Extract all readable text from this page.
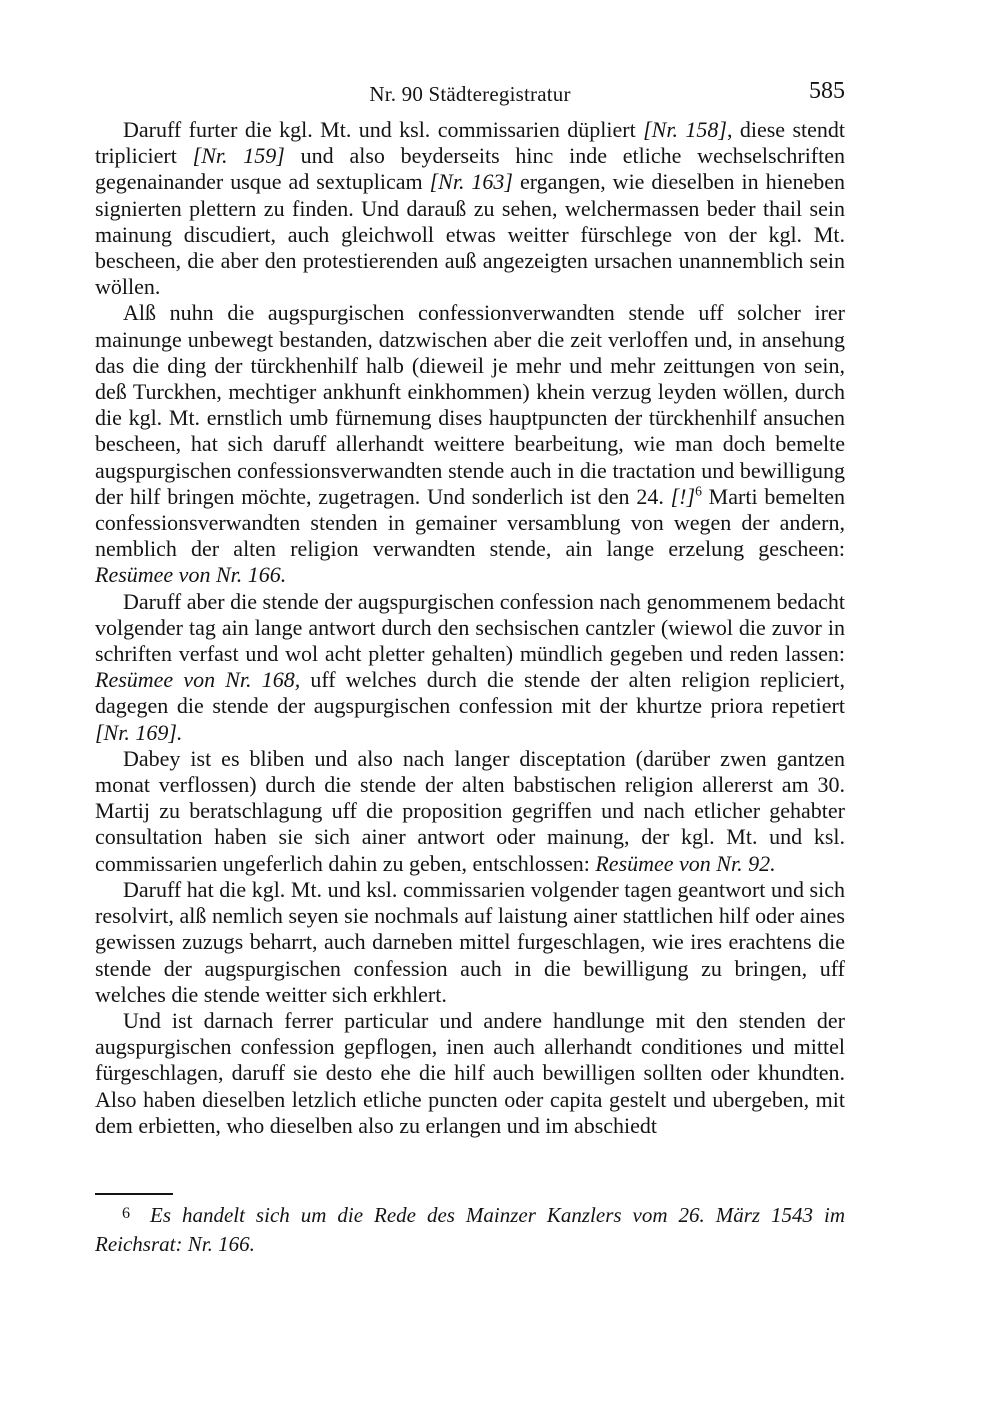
Nr. 90 Städteregistratur	585

Daruff furter die kgl. Mt. und ksl. commissarien düpliert [Nr. 158], diese stendt tripliciert [Nr. 159] und also beyderseits hinc inde etliche wechselschriften gegenainander usque ad sextuplicam [Nr. 163] ergangen, wie dieselben in hieneben signierten plettern zu finden. Und darauß zu sehen, welchermassen beder thail sein mainung discudiert, auch gleichwoll etwas weitter fürschlege von der kgl. Mt. bescheen, die aber den protestierenden auß angezeigten ursachen unannemblich sein wöllen.

Alß nuhn die augspurgischen confessionverwandten stende uff solcher irer mainunge unbewegt bestanden, datzwischen aber die zeit verloffen und, in ansehung das die ding der türckhenhilf halb (dieweil je mehr und mehr zeittungen von sein, deß Turckhen, mechtiger ankhunft einkhommen) khein verzug leyden wöllen, durch die kgl. Mt. ernstlich umb fürnemung dises hauptpuncten der türckhenhilf ansuchen bescheen, hat sich daruff allerhandt weittere bearbeitung, wie man doch bemelte augspurgischen confessionsverwandten stende auch in die tractation und bewilligung der hilf bringen möchte, zugetragen. Und sonderlich ist den 24. [!]$^6$ Marti bemelten confessionsverwandten stenden in gemainer versamblung von wegen der andern, nemblich der alten religion verwandten stende, ain lange erzelung gescheen: Resümee von Nr. 166.

Daruff aber die stende der augspurgischen confession nach genommenem bedacht volgender tag ain lange antwort durch den sechsischen cantzler (wiewol die zuvor in schriften verfast und wol acht pletter gehalten) mündlich gegeben und reden lassen: Resümee von Nr. 168, uff welches durch die stende der alten religion repliciert, dagegen die stende der augspurgischen confession mit der khurtze priora repetiert [Nr. 169].

Dabey ist es bliben und also nach langer disceptation (darüber zwen gantzen monat verflossen) durch die stende der alten babstischen religion allererst am 30. Martij zu beratschlagung uff die proposition gegriffen und nach etlicher gehabter consultation haben sie sich ainer antwort oder mainung, der kgl. Mt. und ksl. commissarien ungeferlich dahin zu geben, entschlossen: Resümee von Nr. 92.

Daruff hat die kgl. Mt. und ksl. commissarien volgender tagen geantwort und sich resolvirt, alß nemlich seyen sie nochmals auf laistung ainer stattlichen hilf oder aines gewissen zuzugs beharrt, auch darneben mittel furgeschlagen, wie ires erachtens die stende der augspurgischen confession auch in die bewilligung zu bringen, uff welches die stende weitter sich erkhlert.

Und ist darnach ferrer particular und andere handlunge mit den stenden der augspurgischen confession gepflogen, inen auch allerhandt conditiones und mittel fürgeschlagen, daruff sie desto ehe die hilf auch bewilligen sollten oder khundten. Also haben dieselben letzlich etliche puncten oder capita gestelt und ubergeben, mit dem erbietten, who dieselben also zu erlangen und im abschiedt

6 Es handelt sich um die Rede des Mainzer Kanzlers vom 26. März 1543 im Reichsrat: Nr. 166.
